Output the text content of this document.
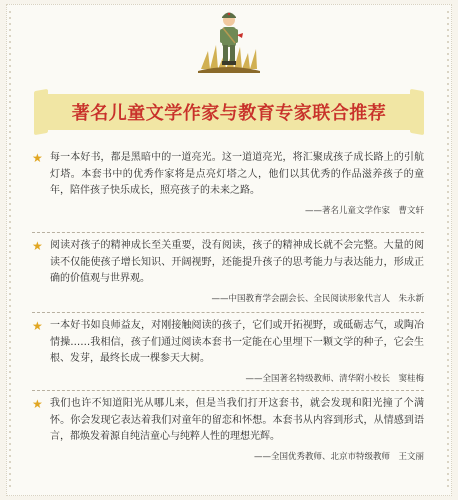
著名儿童文学作家与教育专家联合推荐
★ 每一本好书，都是黑暗中的一道亮光。这一道道亮光，将汇聚成孩子成长路上的引航灯塔。本套书中的优秀作家将是点亮灯塔之人，他们以其优秀的作品滋养孩子的童年，陪伴孩子快乐成长，照亮孩子的未来之路。
——著名儿童文学作家　曹文轩
★ 阅读对孩子的精神成长至关重要，没有阅读，孩子的精神成长就不会完整。大量的阅读不仅能使孩子增长知识、开阔视野，还能提升孩子的思考能力与表达能力，形成正确的价值观与世界观。
——中国教育学会副会长、全民阅读形象代言人　朱永新
★ 一本好书如良师益友，对刚接触阅读的孩子，它们或开拓视野，或砥砺志气，或陶冶情操……我相信，孩子们通过阅读本套书一定能在心里埋下一颗文学的种子，它会生根、发芽，最终长成一棵参天大树。
——全国著名特级教师、清华附小校长　窦桂梅
★ 我们也许不知道阳光从哪儿来，但是当我们打开这套书，就会发现和阳光撞了个满怀。你会发现它表达着我们对童年的留恋和怀想。本套书从内容到形式，从情感到语言，都焕发着源自纯洁童心与纯粹人性的理想光辉。
——全国优秀教师、北京市特级教师　王文丽
